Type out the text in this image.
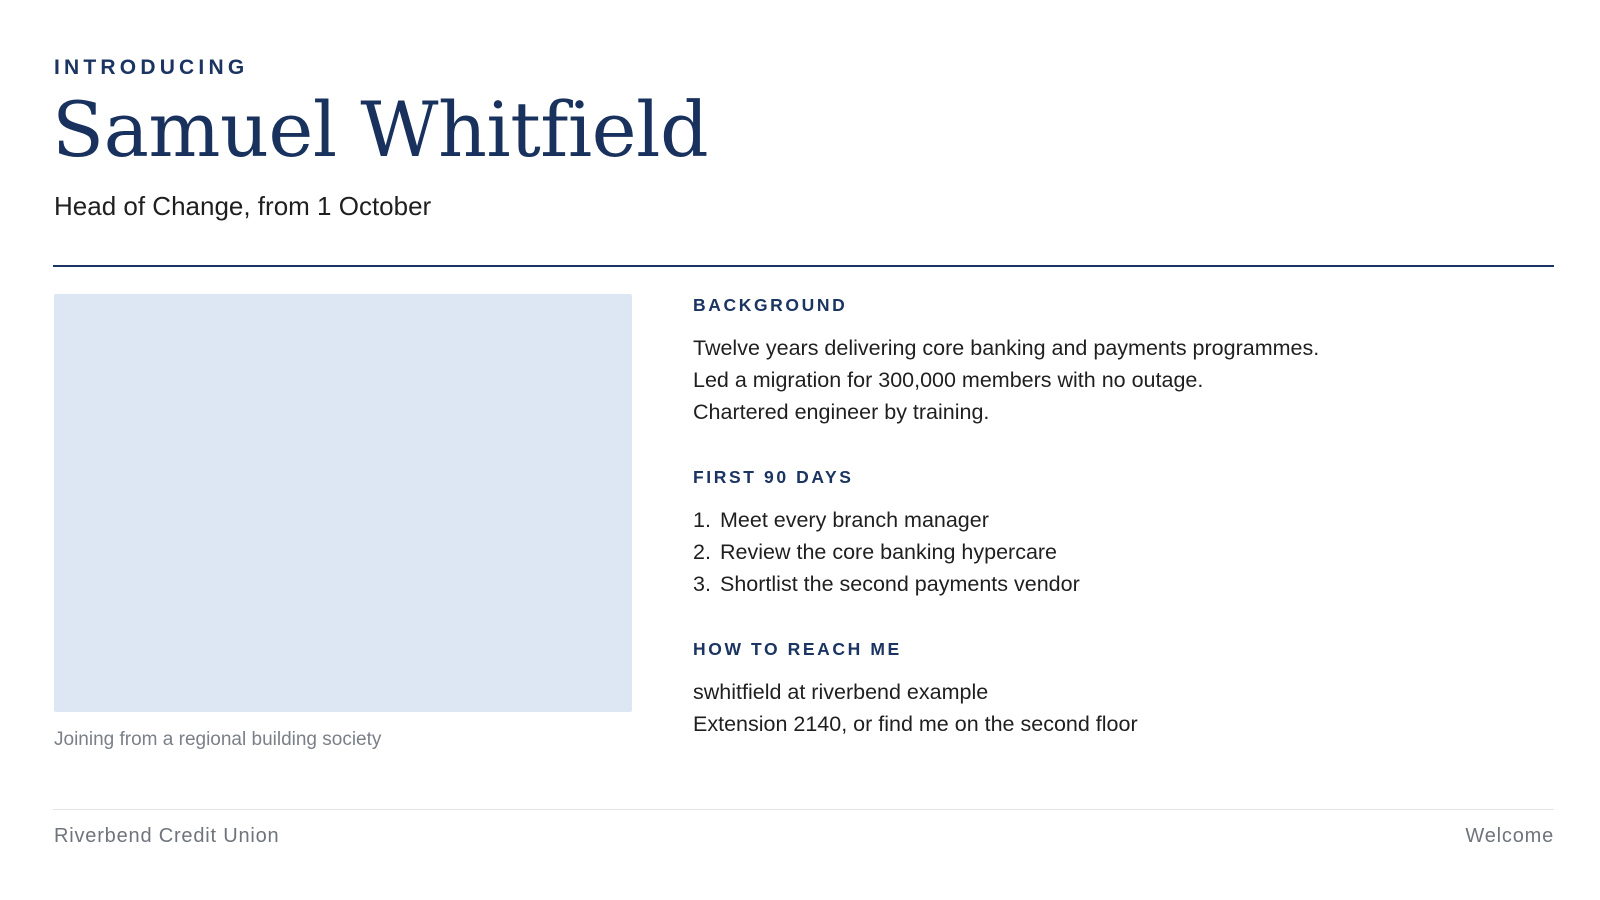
INTRODUCING
Samuel Whitfield
Head of Change, from 1 October
Joining from a regional building society
BACKGROUND
Twelve years delivering core banking and payments programmes.
Led a migration for 300,000 members with no outage.
Chartered engineer by training.
FIRST 90 DAYS
1. Meet every branch manager
2. Review the core banking hypercare
3. Shortlist the second payments vendor
HOW TO REACH ME
swhitfield at riverbend example
Extension 2140, or find me on the second floor
Riverbend Credit Union	Welcome
